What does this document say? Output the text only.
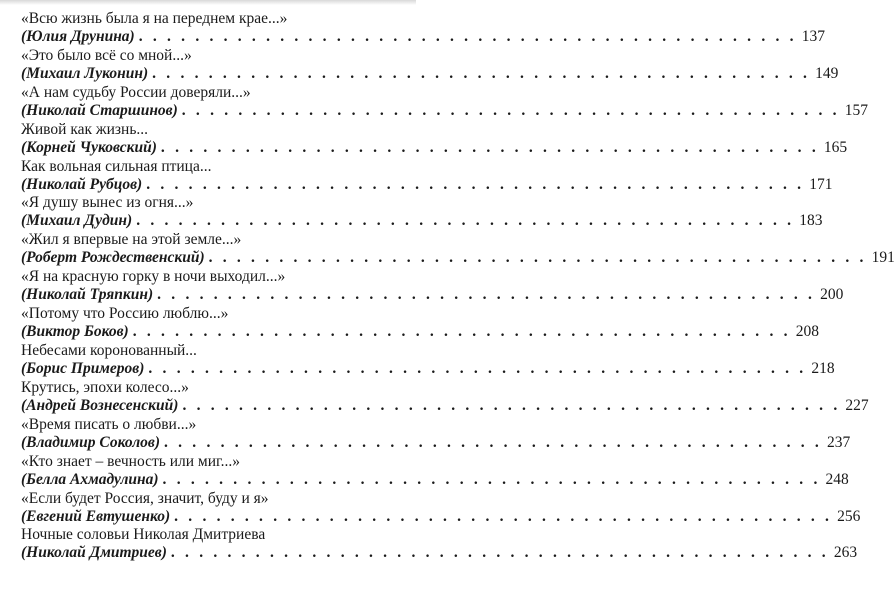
«Всю жизнь была я на переднем крае...»
(Юлия Друнина) . . . . . . . . . . . . . . . . . . . . . . . . . . . . . . . . . . . . . . . . . . . . . . . 137
«Это было всё со мной...»
(Михаил Луконин) . . . . . . . . . . . . . . . . . . . . . . . . . . . . . . . . . . . . . . . . . . . . . . . 149
«А нам судьбу России доверяли...»
(Николай Старшинов) . . . . . . . . . . . . . . . . . . . . . . . . . . . . . . . . . . . . . . . . . . . . . . . 157
Живой как жизнь...
(Корней Чуковский) . . . . . . . . . . . . . . . . . . . . . . . . . . . . . . . . . . . . . . . . . . . . . . . 165
Как вольная сильная птица...
(Николай Рубцов) . . . . . . . . . . . . . . . . . . . . . . . . . . . . . . . . . . . . . . . . . . . . . . . 171
«Я душу вынес из огня...»
(Михаил Дудин) . . . . . . . . . . . . . . . . . . . . . . . . . . . . . . . . . . . . . . . . . . . . . . . 183
«Жил я впервые на этой земле...»
(Роберт Рождественский) . . . . . . . . . . . . . . . . . . . . . . . . . . . . . . . . . . . . . . . . . . . . . . . 191
«Я на красную горку в ночи выходил...»
(Николай Тряпкин) . . . . . . . . . . . . . . . . . . . . . . . . . . . . . . . . . . . . . . . . . . . . . . . 200
«Потому что Россию люблю...»
(Виктор Боков) . . . . . . . . . . . . . . . . . . . . . . . . . . . . . . . . . . . . . . . . . . . . . . . 208
Небесами коронованный...
(Борис Примеров) . . . . . . . . . . . . . . . . . . . . . . . . . . . . . . . . . . . . . . . . . . . . . . . 218
Крутись, эпохи колесо...»
(Андрей Вознесенский) . . . . . . . . . . . . . . . . . . . . . . . . . . . . . . . . . . . . . . . . . . . . . . . 227
«Время писать о любви...»
(Владимир Соколов) . . . . . . . . . . . . . . . . . . . . . . . . . . . . . . . . . . . . . . . . . . . . . . . 237
«Кто знает – вечность или миг...»
(Белла Ахмадулина) . . . . . . . . . . . . . . . . . . . . . . . . . . . . . . . . . . . . . . . . . . . . . . . 248
«Если будет Россия, значит, буду и я»
(Евгений Евтушенко) . . . . . . . . . . . . . . . . . . . . . . . . . . . . . . . . . . . . . . . . . . . . . . . 256
Ночные соловьи Николая Дмитриева
(Николай Дмитриев) . . . . . . . . . . . . . . . . . . . . . . . . . . . . . . . . . . . . . . . . . . . . . . . 263
